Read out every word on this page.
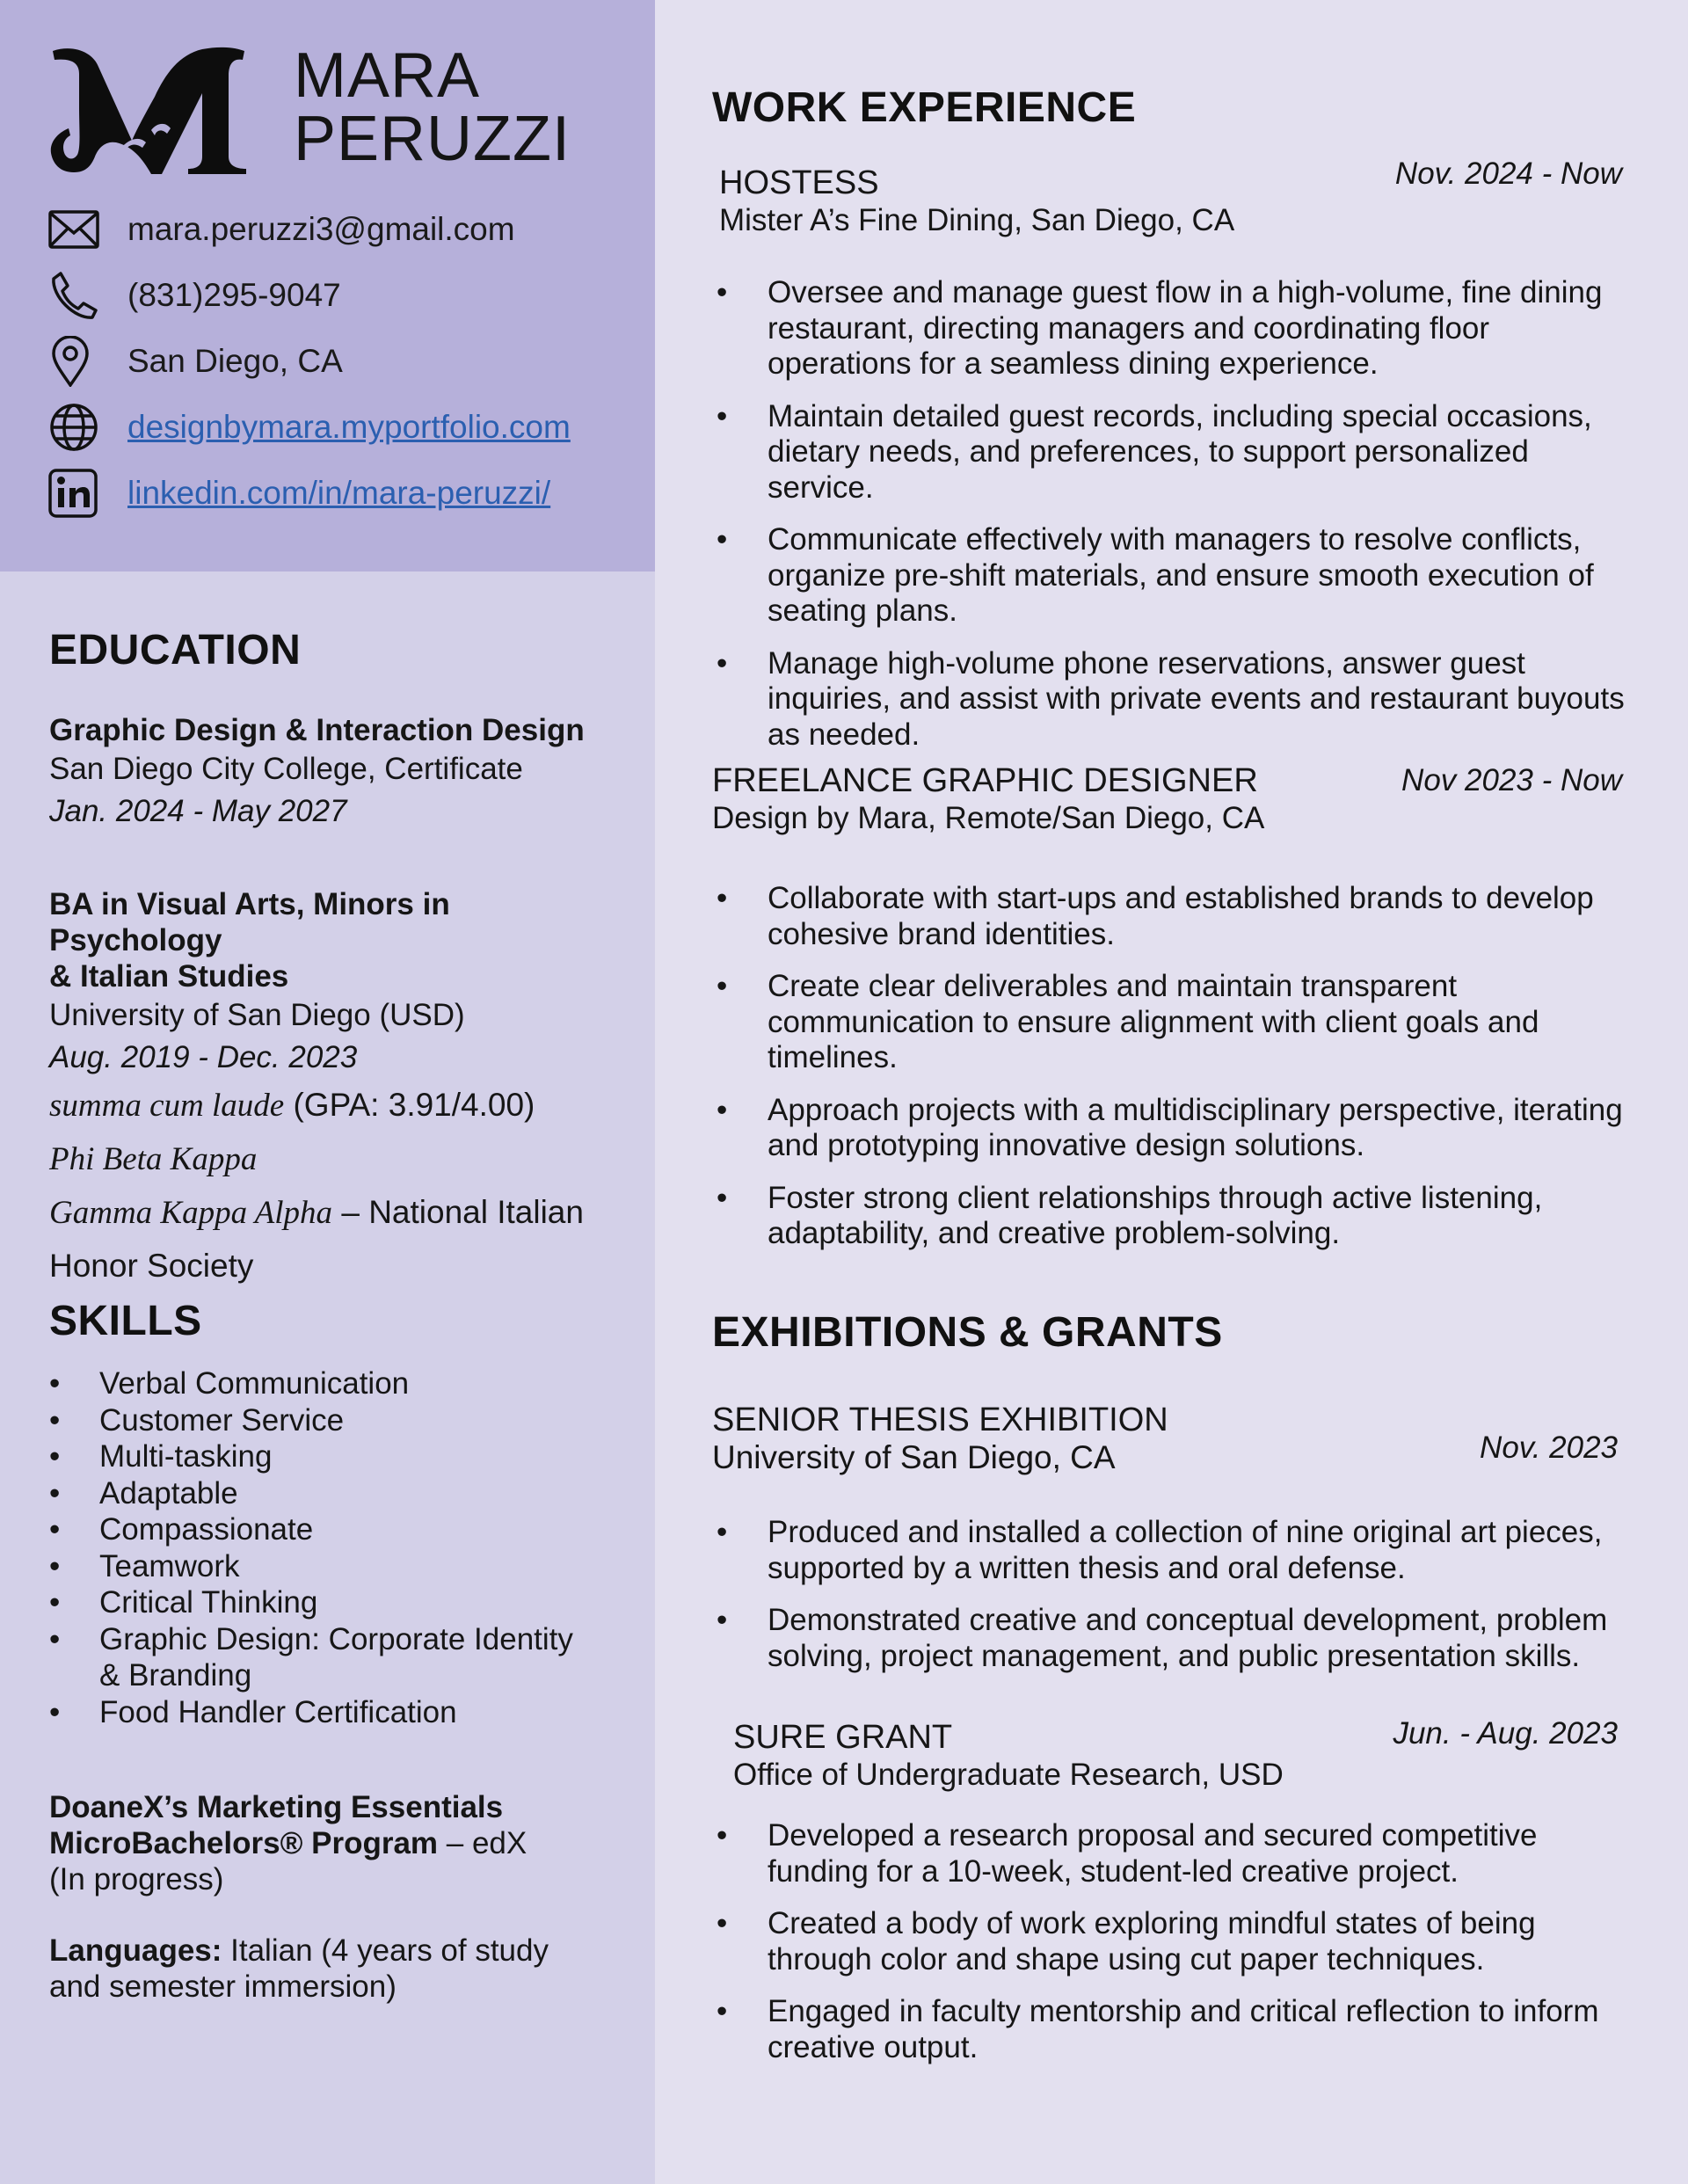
MARA
PERUZZI
mara.peruzzi3@gmail.com
(831)295-9047
San Diego, CA
designbymara.myportfolio.com
linkedin.com/in/mara-peruzzi/
EDUCATION
Graphic Design & Interaction Design
San Diego City College, Certificate
Jan. 2024 - May 2027
BA in Visual Arts, Minors in Psychology
& Italian Studies
University of San Diego (USD)
Aug. 2019 - Dec. 2023
summa cum laude (GPA: 3.91/4.00)
Phi Beta Kappa
Gamma Kappa Alpha – National Italian
Honor Society
SKILLS
• Verbal Communication
• Customer Service
• Multi-tasking
• Adaptable
• Compassionate
• Teamwork
• Critical Thinking
• Graphic Design: Corporate Identity & Branding
• Food Handler Certification
DoaneX’s Marketing Essentials
MicroBachelors® Program – edX
(In progress)
Languages: Italian (4 years of study
and semester immersion)
WORK EXPERIENCE
Nov. 2024 - Now
HOSTESS
Mister A’s Fine Dining, San Diego, CA
• Oversee and manage guest flow in a high-volume, fine dining restaurant, directing managers and coordinating floor operations for a seamless dining experience.
• Maintain detailed guest records, including special occasions, dietary needs, and preferences, to support personalized service.
• Communicate effectively with managers to resolve conflicts, organize pre-shift materials, and ensure smooth execution of seating plans.
• Manage high-volume phone reservations, answer guest inquiries, and assist with private events and restaurant buyouts as needed.
Nov 2023 - Now
FREELANCE GRAPHIC DESIGNER
Design by Mara, Remote/San Diego, CA
• Collaborate with start-ups and established brands to develop cohesive brand identities.
• Create clear deliverables and maintain transparent communication to ensure alignment with client goals and timelines.
• Approach projects with a multidisciplinary perspective, iterating and prototyping innovative design solutions.
• Foster strong client relationships through active listening, adaptability, and creative problem-solving.
EXHIBITIONS & GRANTS
Nov. 2023
SENIOR THESIS EXHIBITION
University of San Diego, CA
• Produced and installed a collection of nine original art pieces, supported by a written thesis and oral defense.
• Demonstrated creative and conceptual development, problem solving, project management, and public presentation skills.
Jun. - Aug. 2023
SURE GRANT
Office of Undergraduate Research, USD
• Developed a research proposal and secured competitive funding for a 10-week, student-led creative project.
• Created a body of work exploring mindful states of being through color and shape using cut paper techniques.
• Engaged in faculty mentorship and critical reflection to inform creative output.
